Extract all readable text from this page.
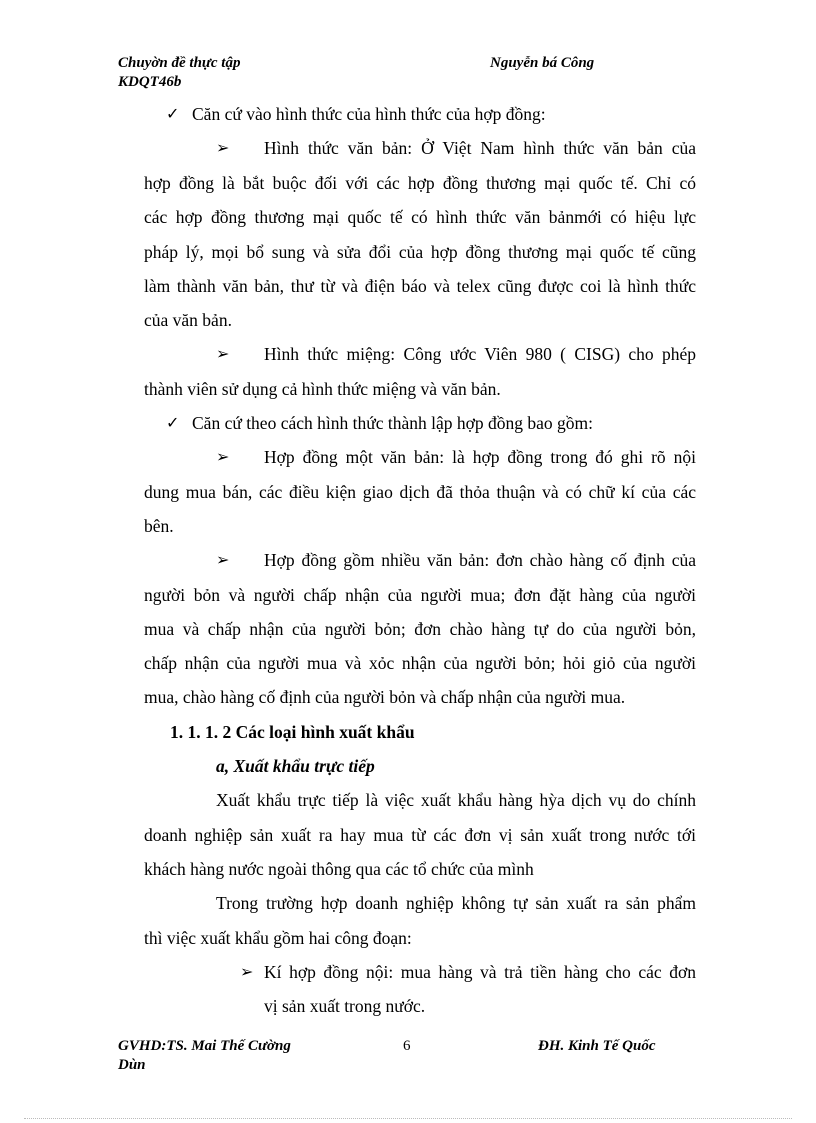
Chuyờn đề thực tập
KDQT46b
Nguyễn bá Công
✓ Căn cứ vào hình thức của hình thức của hợp đồng:
➢ Hình thức văn bản: Ở Việt Nam hình thức văn bản của
hợp đồng là bắt buộc đối với các hợp đồng thương mại quốc tế. Chỉ có
các hợp đồng thương mại quốc tế có hình thức văn bảnmới có hiệu lực
pháp lý, mọi bổ sung và sửa đổi của hợp đồng thương mại quốc tế cũng
làm thành văn bản, thư từ và điện báo và telex cũng được coi là hình thức
của văn bản.
➢ Hình thức miệng: Công ước Viên 980 ( CISG) cho phép
thành viên sử dụng cả hình thức miệng và văn bản.
✓ Căn cứ theo cách hình thức thành lập hợp đồng bao gồm:
➢ Hợp đồng một văn bản: là hợp đồng trong đó ghi rõ nội
dung mua bán, các điều kiện giao dịch đã thỏa thuận và có chữ kí của các
bên.
➢ Hợp đồng gồm nhiều văn bản: đơn chào hàng cố định của
người bỏn và người chấp nhận của người mua; đơn đặt hàng của người
mua và chấp nhận của người bỏn; đơn chào hàng tự do của người bỏn,
chấp nhận của người mua và xỏc nhận của người bỏn; hỏi giỏ của người
mua, chào hàng cố định của người bỏn và chấp nhận của người mua.
1. 1. 1. 2 Các loại hình xuất khẩu
a, Xuất khẩu trực tiếp
Xuất khẩu trực tiếp là việc xuất khẩu hàng hỳa dịch vụ do chính
doanh nghiệp sản xuất ra hay mua từ các đơn vị sản xuất trong nước tới
khách hàng nước ngoài thông qua các tổ chức của mình
Trong trường hợp doanh nghiệp không tự sản xuất ra sản phẩm
thì việc xuất khẩu gồm hai công đoạn:
➢ Kí hợp đồng nội: mua hàng và trả tiền hàng cho các đơn
vị sản xuất trong nước.
GVHD:TS. Mai Thế Cường
Dùn
6	ĐH. Kinh Tế Quốc
